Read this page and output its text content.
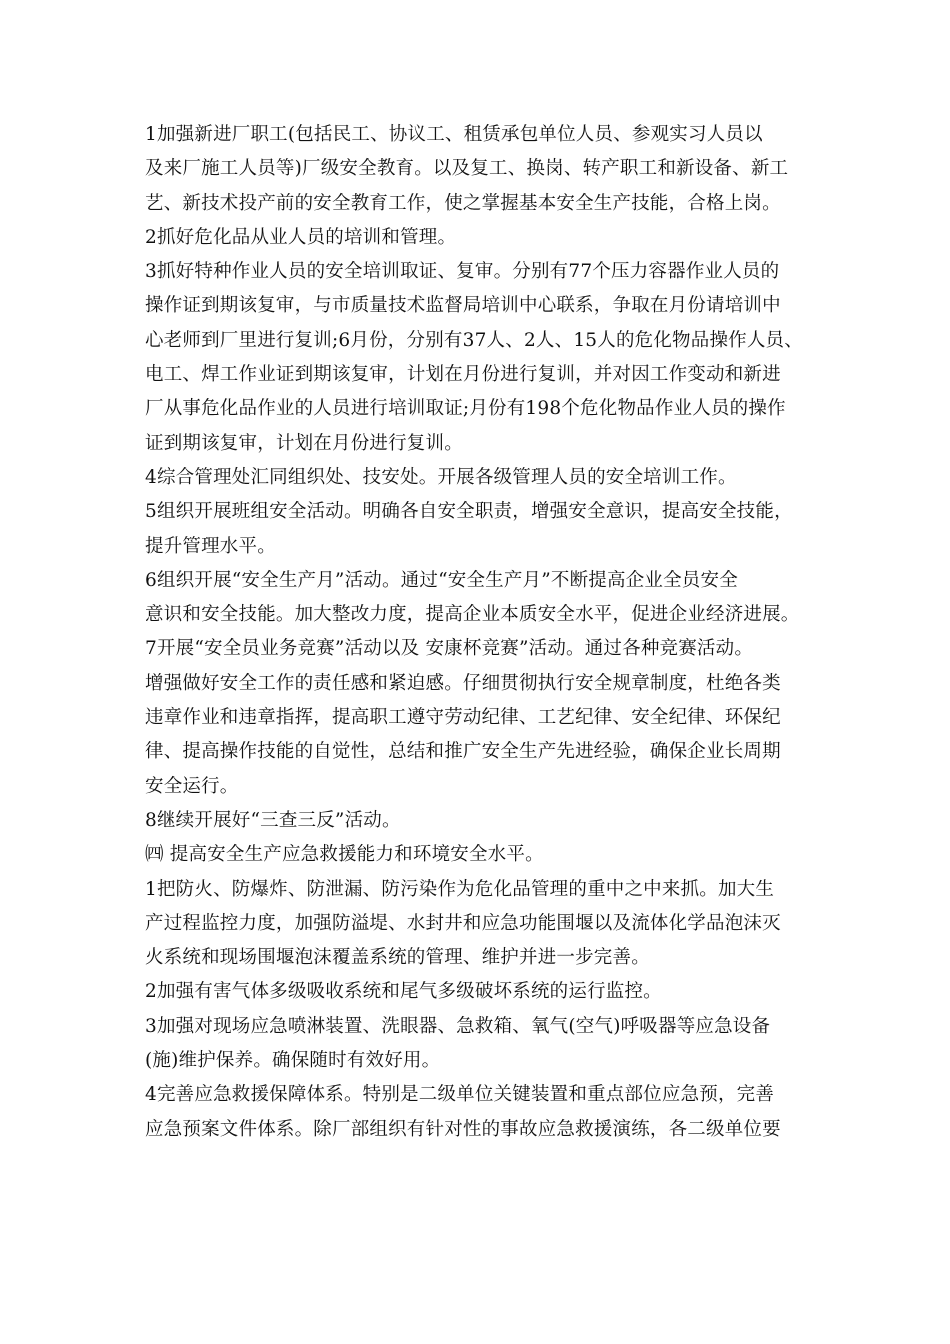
1加强新进厂职工(包括民工、协议工、租赁承包单位人员、参观实习人员以
及来厂施工人员等)厂级安全教育。以及复工、换岗、转产职工和新设备、新工
艺、新技术投产前的安全教育工作，使之掌握基本安全生产技能，合格上岗。
2抓好危化品从业人员的培训和管理。
3抓好特种作业人员的安全培训取证、复审。分别有77个压力容器作业人员的
操作证到期该复审，与市质量技术监督局培训中心联系，争取在月份请培训中
心老师到厂里进行复训;6月份，分别有37人、2人、15人的危化物品操作人员、
电工、焊工作业证到期该复审，计划在月份进行复训，并对因工作变动和新进
厂从事危化品作业的人员进行培训取证;月份有198个危化物品作业人员的操作
证到期该复审，计划在月份进行复训。
4综合管理处汇同组织处、技安处。开展各级管理人员的安全培训工作。
5组织开展班组安全活动。明确各自安全职责，增强安全意识，提高安全技能，
提升管理水平。
6组织开展“安全生产月”活动。通过“安全生产月”不断提高企业全员安全
意识和安全技能。加大整改力度，提高企业本质安全水平，促进企业经济进展。
7开展“安全员业务竞赛”活动以及 安康杯竞赛”活动。通过各种竞赛活动。
增强做好安全工作的责任感和紧迫感。仔细贯彻执行安全规章制度，杜绝各类
违章作业和违章指挥，提高职工遵守劳动纪律、工艺纪律、安全纪律、环保纪
律、提高操作技能的自觉性，总结和推广安全生产先进经验，确保企业长周期
安全运行。
8继续开展好“三查三反”活动。
㈣ 提高安全生产应急救援能力和环境安全水平。
1把防火、防爆炸、防泄漏、防污染作为危化品管理的重中之中来抓。加大生
产过程监控力度，加强防溢堤、水封井和应急功能围堰以及流体化学品泡沫灭
火系统和现场围堰泡沫覆盖系统的管理、维护并进一步完善。
2加强有害气体多级吸收系统和尾气多级破坏系统的运行监控。
3加强对现场应急喷淋装置、洗眼器、急救箱、氧气(空气)呼吸器等应急设备
(施)维护保养。确保随时有效好用。
4完善应急救援保障体系。特别是二级单位关键装置和重点部位应急预，完善
应急预案文件体系。除厂部组织有针对性的事故应急救援演练，各二级单位要
